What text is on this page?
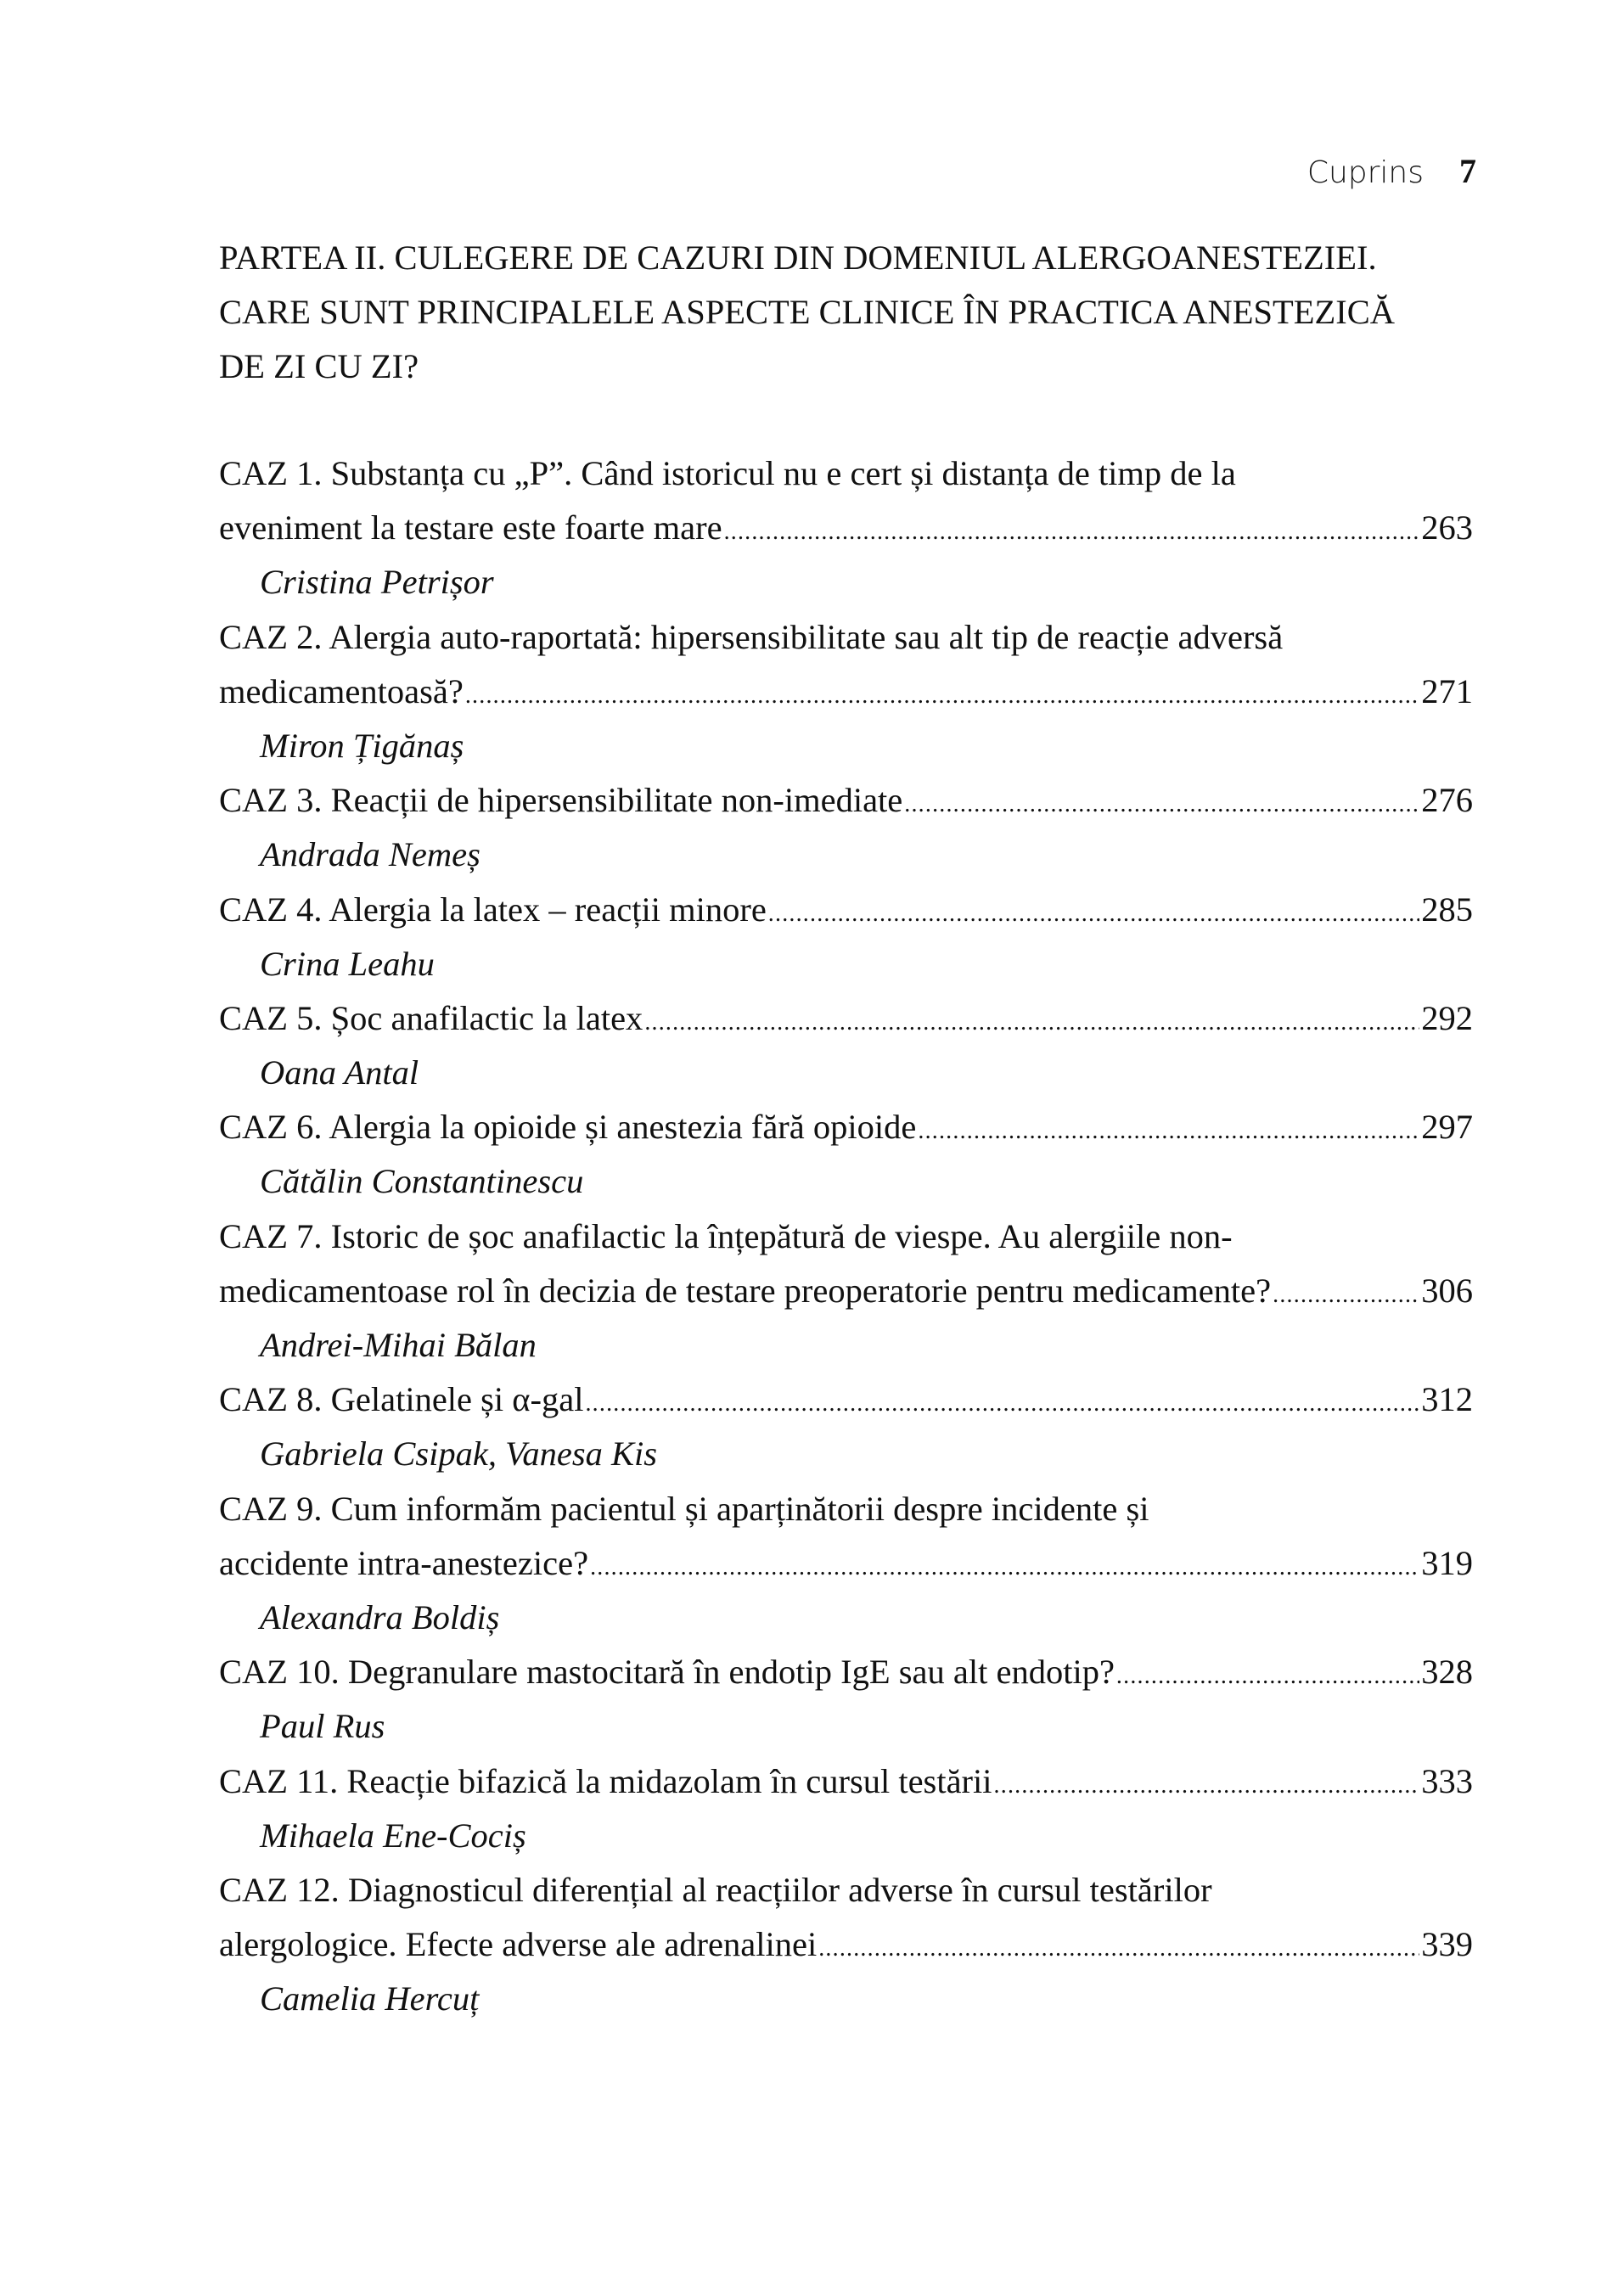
Cuprins 7
PARTEA II. CULEGERE DE CAZURI DIN DOMENIUL ALERGOANESTEZIEI.
CARE SUNT PRINCIPALELE ASPECTE CLINICE ÎN PRACTICA ANESTEZICĂ
DE ZI CU ZI?
CAZ 1. Substanța cu „P”. Când istoricul nu e cert și distanța de timp de la
eveniment la testare este foarte mare .....	263
Cristina Petrișor
CAZ 2. Alergia auto-raportată: hipersensibilitate sau alt tip de reacție adversă
medicamentoasă? .....	271
Miron Țigănaș
CAZ 3. Reacții de hipersensibilitate non-imediate .....	276
Andrada Nemeș
CAZ 4. Alergia la latex – reacții minore .....	285
Crina Leahu
CAZ 5. Șoc anafilactic la latex .....	292
Oana Antal
CAZ 6. Alergia la opioide și anestezia fără opioide .....	297
Cătălin Constantinescu
CAZ 7. Istoric de șoc anafilactic la înțepătură de viespe. Au alergiile non-
medicamentoase rol în decizia de testare preoperatorie pentru medicamente? .....	306
Andrei-Mihai Bălan
CAZ 8. Gelatinele și α-gal .....	312
Gabriela Csipak, Vanesa Kis
CAZ 9. Cum informăm pacientul și aparținătorii despre incidente și
accidente intra-anestezice? .....	319
Alexandra Boldiș
CAZ 10. Degranulare mastocitară în endotip IgE sau alt endotip? .....	328
Paul Rus
CAZ 11. Reacție bifazică la midazolam în cursul testării .....	333
Mihaela Ene-Cociș
CAZ 12. Diagnosticul diferențial al reacțiilor adverse în cursul testărilor
alergologice. Efecte adverse ale adrenalinei .....	339
Camelia Hercuț
